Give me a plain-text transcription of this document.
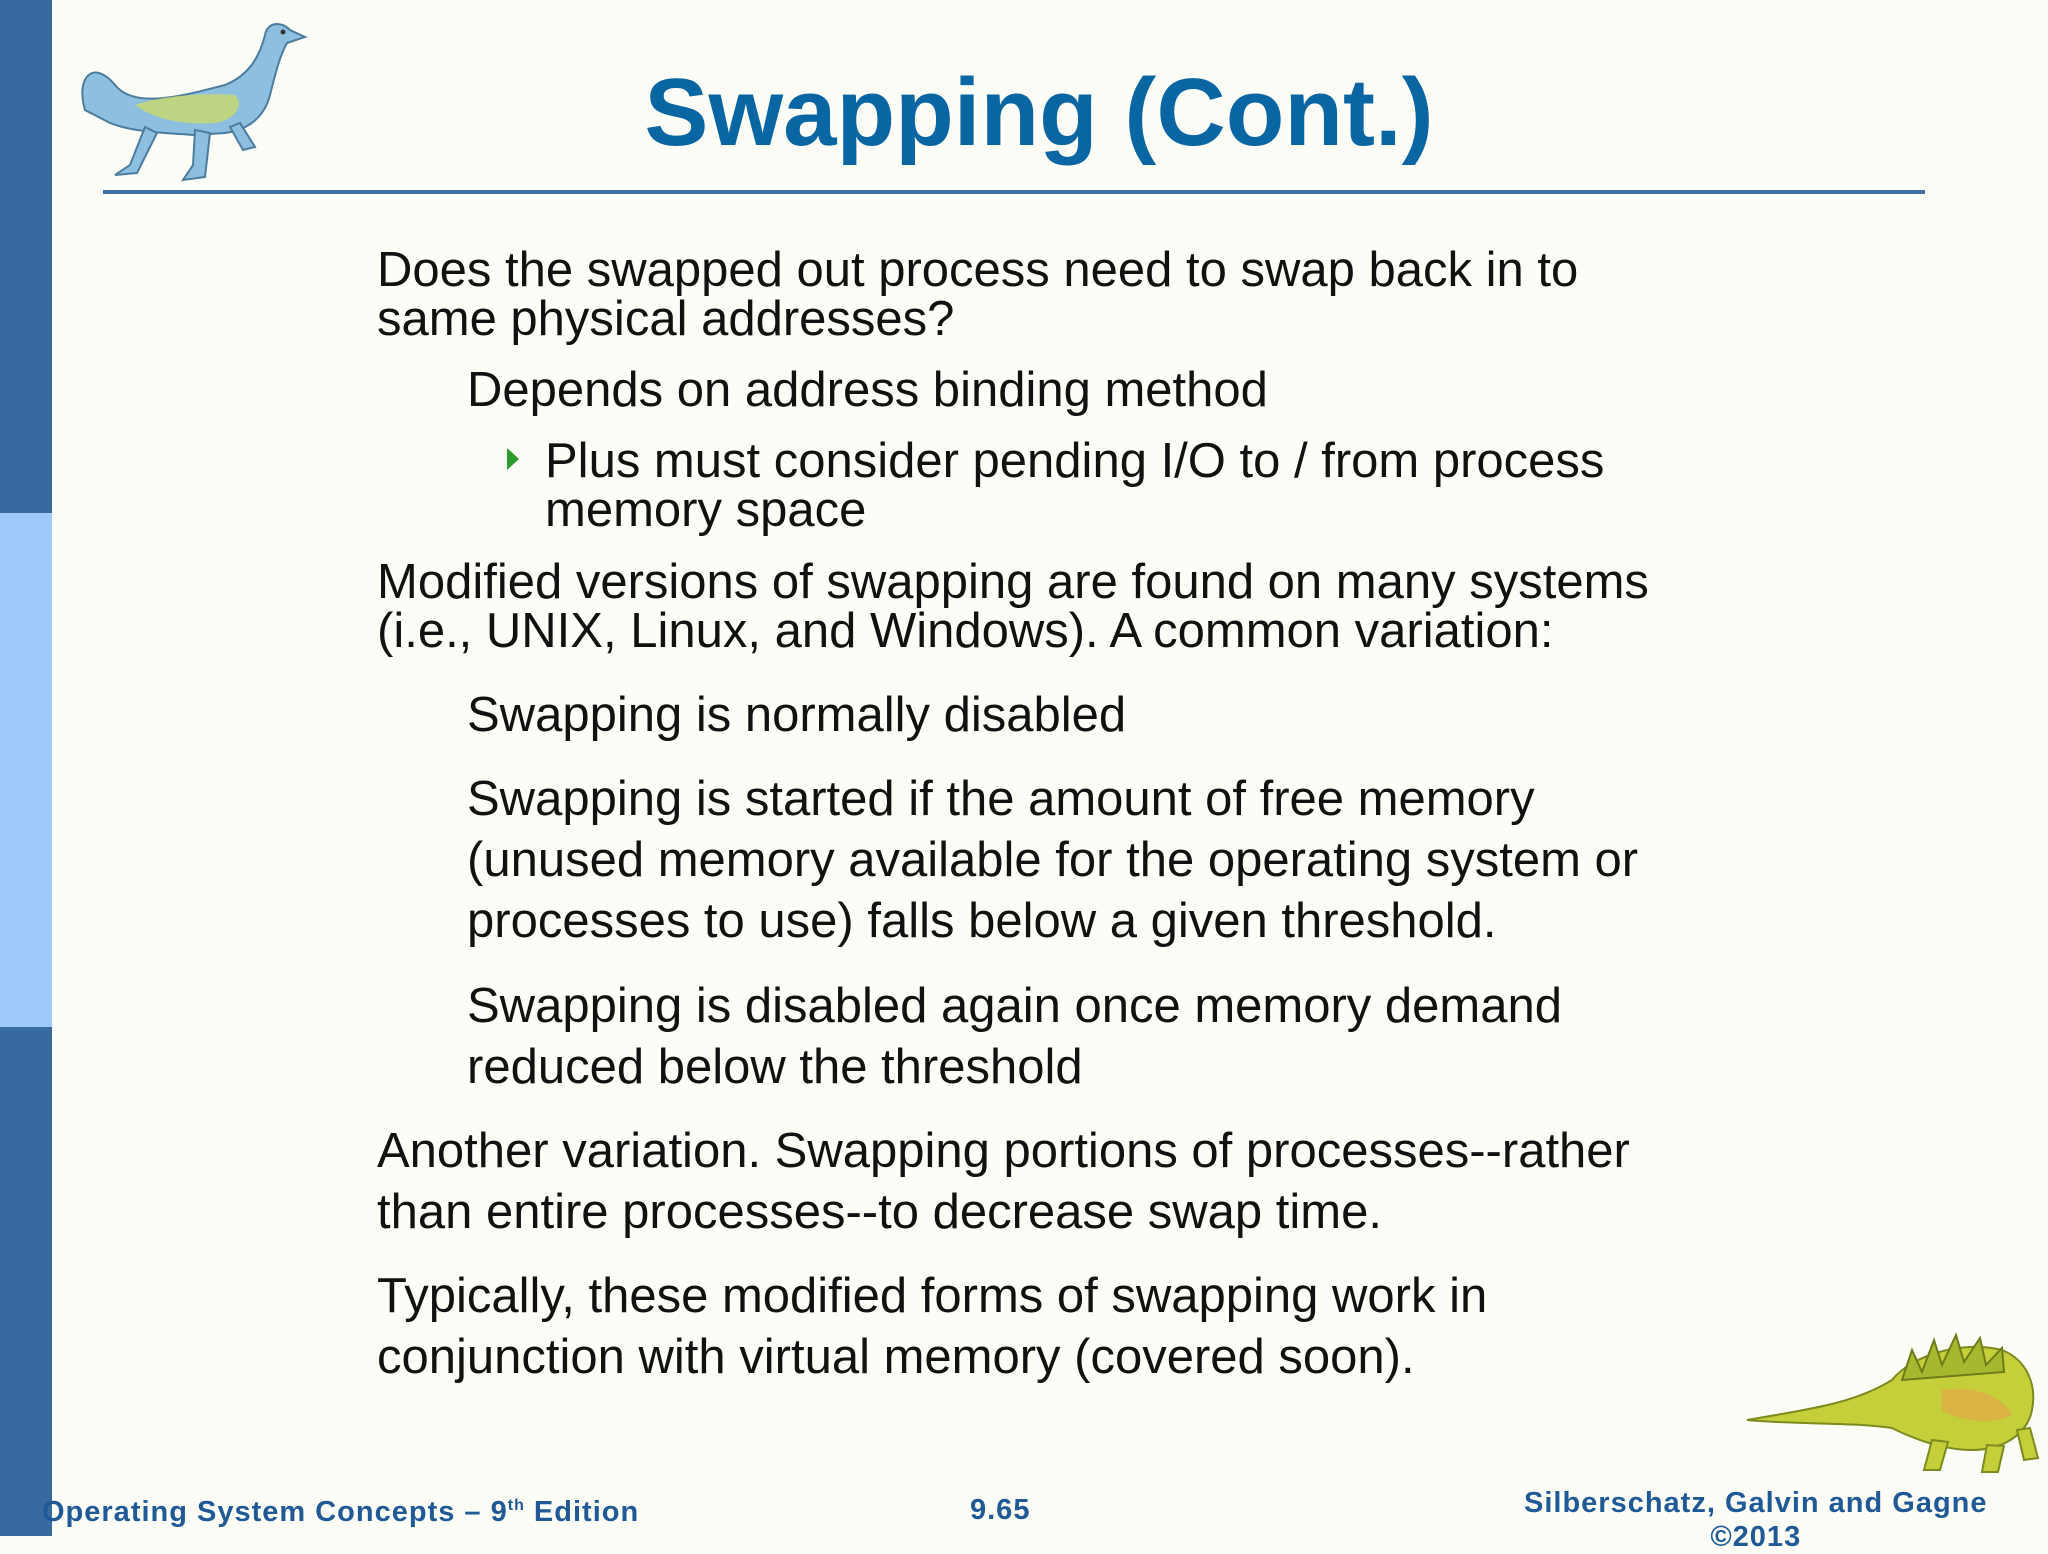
Swapping (Cont.)
Does the swapped out process need to swap back in to
same physical addresses?
Depends on address binding method
Plus must consider pending I/O to / from process
memory space
Modified versions of swapping are found on many systems
(i.e., UNIX, Linux, and Windows). A common variation:
Swapping is normally disabled
Swapping is started if the amount of free memory
(unused memory available for the operating system or
processes to use) falls below a given threshold.
Swapping is disabled again once memory demand
reduced below the threshold
Another variation. Swapping portions of processes--rather
than entire processes--to decrease swap time.
Typically, these modified forms of swapping work in
conjunction with virtual memory (covered soon).
Operating System Concepts – 9th Edition	9.65	Silberschatz, Galvin and Gagne
©2013
